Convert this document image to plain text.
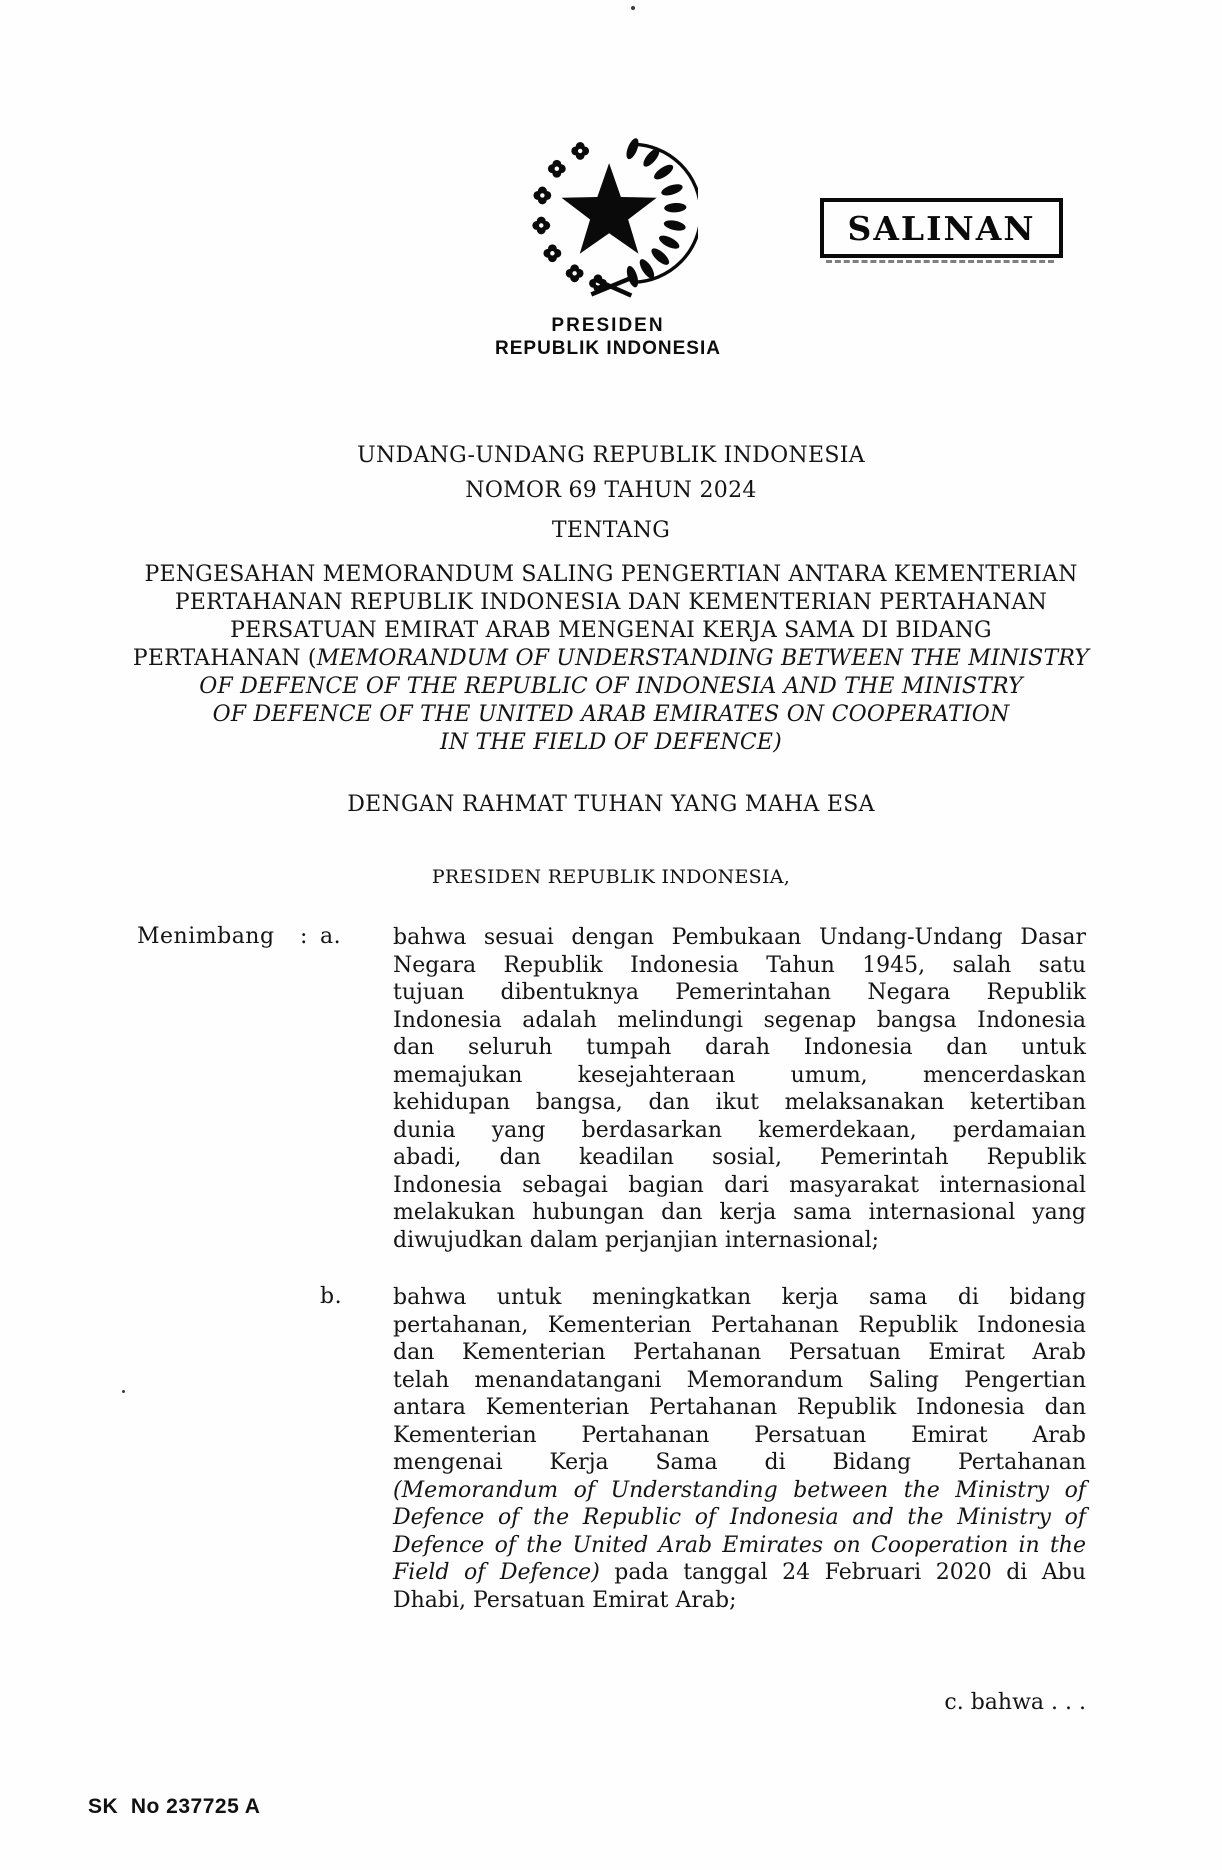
SALINAN
PRESIDEN
REPUBLIK INDONESIA
UNDANG-UNDANG REPUBLIK INDONESIA
NOMOR 69 TAHUN 2024
TENTANG
PENGESAHAN MEMORANDUM SALING PENGERTIAN ANTARA KEMENTERIAN
PERTAHANAN REPUBLIK INDONESIA DAN KEMENTERIAN PERTAHANAN
PERSATUAN EMIRAT ARAB MENGENAI KERJA SAMA DI BIDANG
PERTAHANAN (MEMORANDUM OF UNDERSTANDING BETWEEN THE MINISTRY
OF DEFENCE OF THE REPUBLIC OF INDONESIA AND THE MINISTRY
OF DEFENCE OF THE UNITED ARAB EMIRATES ON COOPERATION
IN THE FIELD OF DEFENCE)
DENGAN RAHMAT TUHAN YANG MAHA ESA
PRESIDEN REPUBLIK INDONESIA,
Menimbang : a. bahwa sesuai dengan Pembukaan Undang-Undang Dasar
Negara Republik Indonesia Tahun 1945, salah satu
tujuan dibentuknya Pemerintahan Negara Republik
Indonesia adalah melindungi segenap bangsa Indonesia
dan seluruh tumpah darah Indonesia dan untuk
memajukan kesejahteraan umum, mencerdaskan
kehidupan bangsa, dan ikut melaksanakan ketertiban
dunia yang berdasarkan kemerdekaan, perdamaian
abadi, dan keadilan sosial, Pemerintah Republik
Indonesia sebagai bagian dari masyarakat internasional
melakukan hubungan dan kerja sama internasional yang
diwujudkan dalam perjanjian internasional;
b. bahwa untuk meningkatkan kerja sama di bidang
pertahanan, Kementerian Pertahanan Republik Indonesia
dan Kementerian Pertahanan Persatuan Emirat Arab
telah menandatangani Memorandum Saling Pengertian
antara Kementerian Pertahanan Republik Indonesia dan
Kementerian Pertahanan Persatuan Emirat Arab
mengenai Kerja Sama di Bidang Pertahanan
(Memorandum of Understanding between the Ministry of
Defence of the Republic of Indonesia and the Ministry of
Defence of the United Arab Emirates on Cooperation in the
Field of Defence) pada tanggal 24 Februari 2020 di Abu
Dhabi, Persatuan Emirat Arab;
c. bahwa . . .
SK  No 237725 A
